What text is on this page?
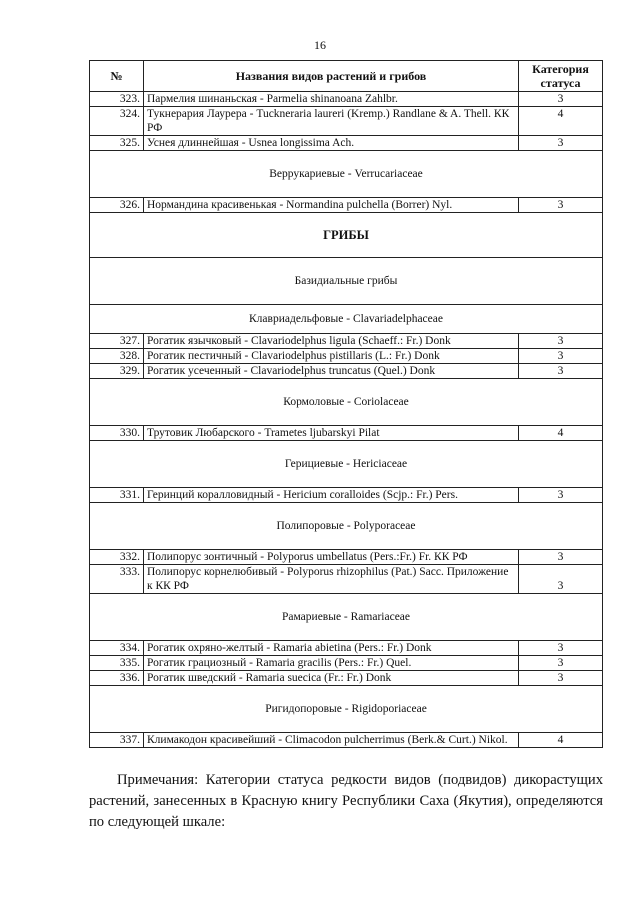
16
№	Названия видов растений и грибов	Категория статуса
323.	Пармелия шинаньская - Parmelia shinanoana Zahlbr.	3
324.	Тукнерария Лаурера - Tuckneraria laureri (Kremp.) Randlane & A. Thell. КК РФ	4
325.	Уснея длиннейшая - Usnea longissima Ach.	3
Веррукариевые - Verrucariaceae		
326.	Нормандина красивенькая - Normandina pulchella (Borrer) Nyl.	3
ГРИБЫ		
Базидиальные грибы		
Клавриадельфовые - Clavariadelphaceae		
327.	Рогатик язычковый - Clavariodelphus ligula (Schaeff.: Fr.) Donk	3
328.	Рогатик пестичный - Clavariodelphus pistillaris (L.: Fr.) Donk	3
329.	Рогатик усеченный - Clavariodelphus truncatus (Quel.) Donk	3
Кормоловые - Coriolaceae		
330.	Трутовик Любарского - Trametes ljubarskyi Pilat	4
Герициевые - Hericiaceae		
331.	Геринций коралловидный - Hericium coralloides (Scjp.: Fr.) Pers.	3
Полипоровые - Polyporaceae		
332.	Полипорус зонтичный - Polyporus umbellatus (Pers.:Fr.) Fr. КК РФ	3
333.	Полипорус корнелюбивый - Polyporus rhizophilus (Pat.) Sacc. Приложение к КК РФ	3
Рамариевые - Ramariaceae		
334.	Рогатик охряно-желтый - Ramaria abietina (Pers.: Fr.) Donk	3
335.	Рогатик грациозный - Ramaria gracilis (Pers.: Fr.) Quel.	3
336.	Рогатик шведский - Ramaria suecica (Fr.: Fr.) Donk	3
Ригидопоровые - Rigidoporiaceae		
337.	Климакодон красивейший - Climacodon pulcherrimus (Berk.& Curt.) Nikol.	4
Примечания: Категории статуса редкости видов (подвидов) дикорастущих растений, занесенных в Красную книгу Республики Саха (Якутия), определяются по следующей шкале:
